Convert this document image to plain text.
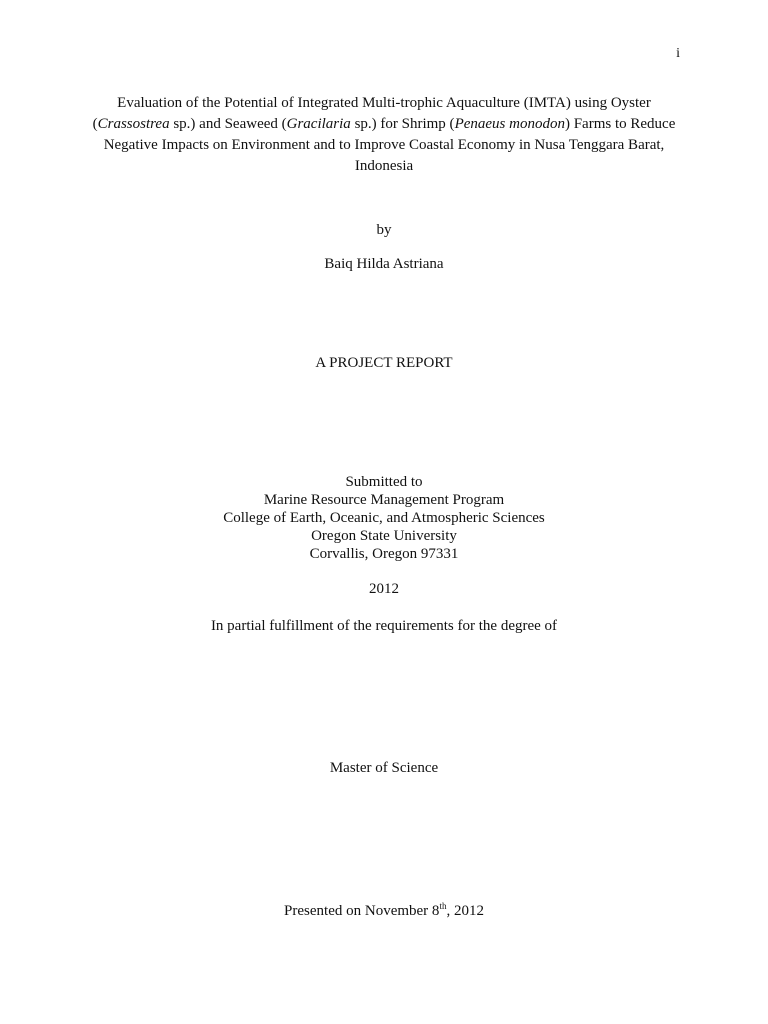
i
Evaluation of the Potential of Integrated Multi-trophic Aquaculture (IMTA) using Oyster (Crassostrea sp.) and Seaweed (Gracilaria sp.) for Shrimp (Penaeus monodon) Farms to Reduce Negative Impacts on Environment and to Improve Coastal Economy in Nusa Tenggara Barat, Indonesia
by
Baiq Hilda Astriana
A PROJECT REPORT
Submitted to
Marine Resource Management Program
College of Earth, Oceanic, and Atmospheric Sciences
Oregon State University
Corvallis, Oregon 97331
2012
In partial fulfillment of the requirements for the degree of
Master of Science
Presented on November 8th, 2012
